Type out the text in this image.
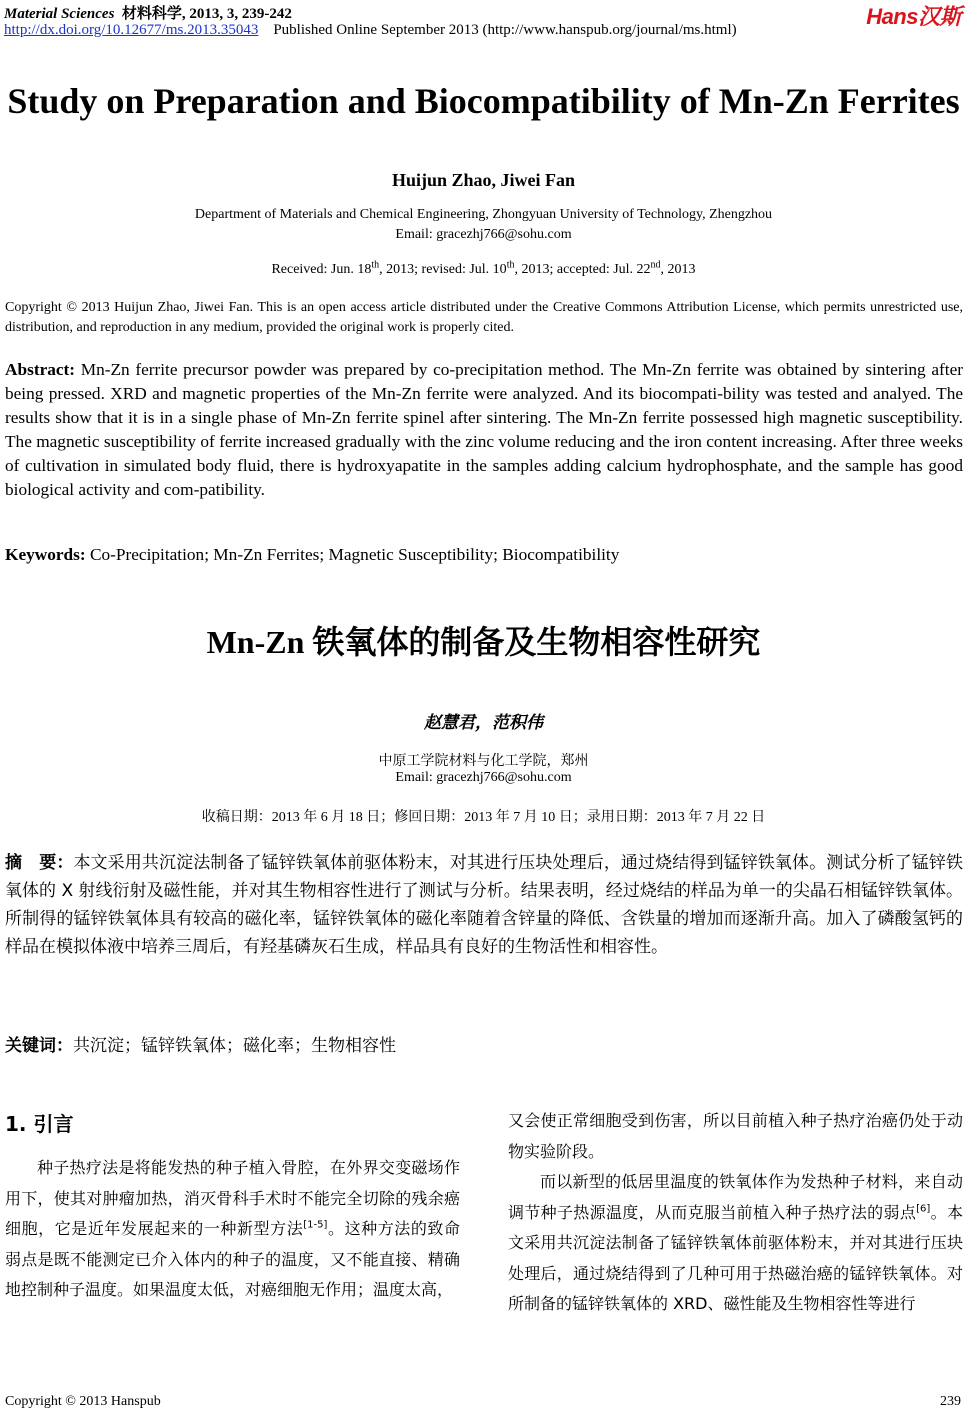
Material Sciences 材料科学, 2013, 3, 239-242
http://dx.doi.org/10.12677/ms.2013.35043 Published Online September 2013 (http://www.hanspub.org/journal/ms.html)
Hans汉斯
Study on Preparation and Biocompatibility of Mn-Zn Ferrites
Huijun Zhao, Jiwei Fan
Department of Materials and Chemical Engineering, Zhongyuan University of Technology, Zhengzhou
Email: gracezhj766@sohu.com
Received: Jun. 18th, 2013; revised: Jul. 10th, 2013; accepted: Jul. 22nd, 2013
Copyright © 2013 Huijun Zhao, Jiwei Fan. This is an open access article distributed under the Creative Commons Attribution License, which permits unrestricted use, distribution, and reproduction in any medium, provided the original work is properly cited.
Abstract: Mn-Zn ferrite precursor powder was prepared by co-precipitation method. The Mn-Zn ferrite was obtained by sintering after being pressed. XRD and magnetic properties of the Mn-Zn ferrite were analyzed. And its biocompati-bility was tested and analyed. The results show that it is in a single phase of Mn-Zn ferrite spinel after sintering. The Mn-Zn ferrite possessed high magnetic susceptibility. The magnetic susceptibility of ferrite increased gradually with the zinc volume reducing and the iron content increasing. After three weeks of cultivation in simulated body fluid, there is hydroxyapatite in the samples adding calcium hydrophosphate, and the sample has good biological activity and com-patibility.
Keywords: Co-Precipitation; Mn-Zn Ferrites; Magnetic Susceptibility; Biocompatibility
Mn-Zn 铁氧体的制备及生物相容性研究
赵慧君，范积伟
中原工学院材料与化工学院，郑州
Email: gracezhj766@sohu.com
收稿日期：2013 年 6 月 18 日；修回日期：2013 年 7 月 10 日；录用日期：2013 年 7 月 22 日
摘　要：本文采用共沉淀法制备了锰锌铁氧体前驱体粉末，对其进行压块处理后，通过烧结得到锰锌铁氧体。测试分析了锰锌铁氧体的 X 射线衍射及磁性能，并对其生物相容性进行了测试与分析。结果表明，经过烧结的样品为单一的尖晶石相锰锌铁氧体。所制得的锰锌铁氧体具有较高的磁化率，锰锌铁氧体的磁化率随着含锌量的降低、含铁量的增加而逐渐升高。加入了磷酸氢钙的样品在模拟体液中培养三周后，有羟基磷灰石生成，样品具有良好的生物活性和相容性。
关键词：共沉淀；锰锌铁氧体；磁化率；生物相容性
1. 引言

种子热疗法是将能发热的种子植入骨腔，在外界交变磁场作用下，使其对肿瘤加热，消灭骨科手术时不能完全切除的残余癌细胞，它是近年发展起来的一种新型方法[1-5]。这种方法的致命弱点是既不能测定已介入体内的种子的温度，又不能直接、精确地控制种子温度。如果温度太低，对癌细胞无作用；温度太高，

又会使正常细胞受到伤害，所以目前植入种子热疗治癌仍处于动物实验阶段。

而以新型的低居里温度的铁氧体作为发热种子材料，来自动调节种子热源温度，从而克服当前植入种子热疗法的弱点[6]。本文采用共沉淀法制备了锰锌铁氧体前驱体粉末，并对其进行压块处理后，通过烧结得到了几种可用于热磁治癌的锰锌铁氧体。对所制备的锰锌铁氧体的 XRD、磁性能及生物相容性等进行

Copyright © 2013 Hanspub	239
